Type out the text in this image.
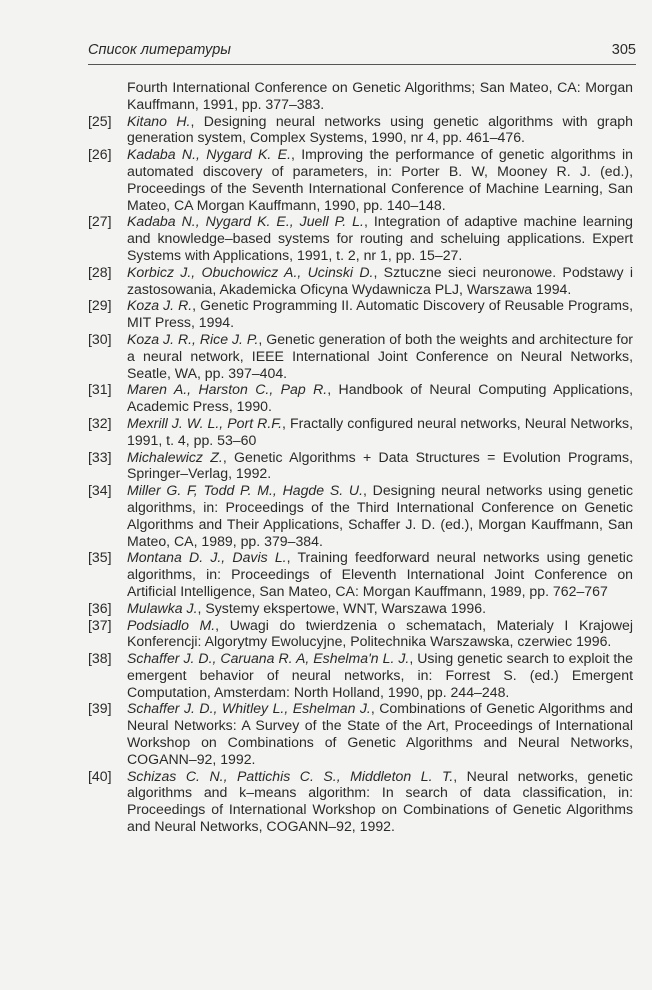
Список литературы	305

Fourth International Conference on Genetic Algorithms; San Mateo, CA: Morgan Kauffmann, 1991, pp. 377–383.

[25] Kitano H., Designing neural networks using genetic algorithms with graph generation system, Complex Systems, 1990, nr 4, pp. 461–476.

[26] Kadaba N., Nygard K. E., Improving the performance of genetic algorithms in automated discovery of parameters, in: Porter B. W, Mooney R. J. (ed.), Proceedings of the Seventh International Conference of Machine Learning, San Mateo, CA Morgan Kauffmann, 1990, pp. 140–148.

[27] Kadaba N., Nygard K. E., Juell P. L., Integration of adaptive machine learning and knowledge–based systems for routing and scheluing applications. Expert Systems with Applications, 1991, t. 2, nr 1, pp. 15–27.

[28] Korbicz J., Obuchowicz A., Ucinski D., Sztuczne sieci neuronowe. Podstawy i zastosowania, Akademicka Oficyna Wydawnicza PLJ, Warszawa 1994.

[29] Koza J. R., Genetic Programming II. Automatic Discovery of Reusable Programs, MIT Press, 1994.

[30] Koza J. R., Rice J. P., Genetic generation of both the weights and architecture for a neural network, IEEE International Joint Conference on Neural Networks, Seatle, WA, pp. 397–404.

[31] Maren A., Harston C., Pap R., Handbook of Neural Computing Applications, Academic Press, 1990.

[32] Mexrill J. W. L., Port R.F., Fractally configured neural networks, Neural Networks, 1991, t. 4, pp. 53–60

[33] Michalewicz Z., Genetic Algorithms + Data Structures = Evolution Programs, Springer–Verlag, 1992.

[34] Miller G. F, Todd P. M., Hagde S. U., Designing neural networks using genetic algorithms, in: Proceedings of the Third International Conference on Genetic Algorithms and Their Applications, Schaffer J. D. (ed.), Morgan Kauffmann, San Mateo, CA, 1989, pp. 379–384.

[35] Montana D. J., Davis L., Training feedforward neural networks using genetic algorithms, in: Proceedings of Eleventh International Joint Conference on Artificial Intelligence, San Mateo, CA: Morgan Kauffmann, 1989, pp. 762–767

[36] Mulawka J., Systemy ekspertowe, WNT, Warszawa 1996.

[37] Podsiadlo M., Uwagi do twierdzenia o schematach, Materialy I Krajowej Konferencji: Algorytmy Ewolucyjne, Politechnika Warszawska, czerwiec 1996.

[38] Schaffer J. D., Caruana R. A, Eshelma'n L. J., Using genetic search to exploit the emergent behavior of neural networks, in: Forrest S. (ed.) Emergent Computation, Amsterdam: North Holland, 1990, pp. 244–248.

[39] Schaffer J. D., Whitley L., Eshelman J., Combinations of Genetic Algorithms and Neural Networks: A Survey of the State of the Art, Proceedings of International Workshop on Combinations of Genetic Algorithms and Neural Networks, COGANN–92, 1992.

[40] Schizas C. N., Pattichis C. S., Middleton L. T., Neural networks, genetic algorithms and k–means algorithm: In search of data classification, in: Proceedings of International Workshop on Combinations of Genetic Algorithms and Neural Networks, COGANN–92, 1992.
